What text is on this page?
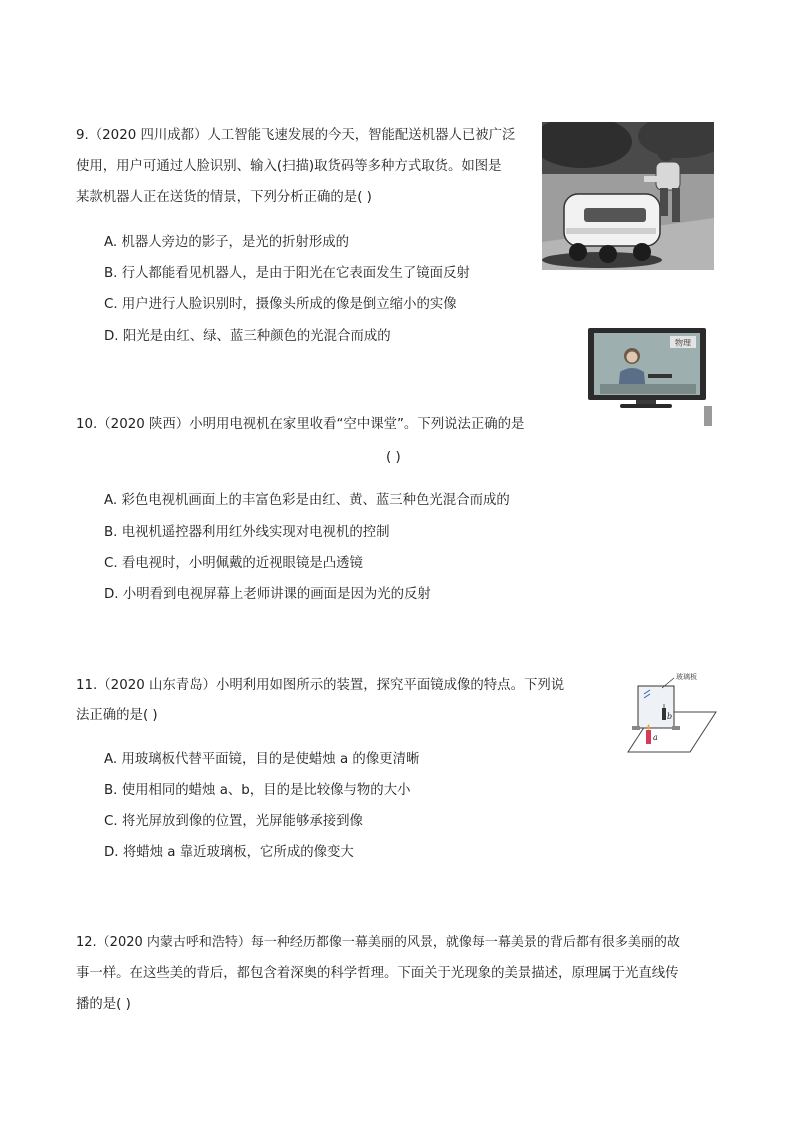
9.（2020 四川成都）人工智能飞速发展的今天，智能配送机器人已被广泛
使用，用户可通过人脸识别、输入(扫描)取货码等多种方式取货。如图是
某款机器人正在送货的情景，下列分析正确的是( )
A. 机器人旁边的影子，是光的折射形成的
B. 行人都能看见机器人，是由于阳光在它表面发生了镜面反射
C. 用户进行人脸识别时，摄像头所成的像是倒立缩小的实像
D. 阳光是由红、绿、蓝三种颜色的光混合而成的	物理
10.（2020 陕西）小明用电视机在家里收看“空中课堂”。下列说法正确的是
( )
A. 彩色电视机画面上的丰富色彩是由红、黄、蓝三种色光混合而成的
B. 电视机遥控器利用红外线实现对电视机的控制
C. 看电视时，小明佩戴的近视眼镜是凸透镜
D. 小明看到电视屏幕上老师讲课的画面是因为光的反射
11.（2020 山东青岛）小明利用如图所示的装置，探究平面镜成像的特点。下列说
法正确的是( )
玻璃板
b
a
A. 用玻璃板代替平面镜，目的是使蜡烛 a 的像更清晰
B. 使用相同的蜡烛 a、b，目的是比较像与物的大小
C. 将光屏放到像的位置，光屏能够承接到像
D. 将蜡烛 a 靠近玻璃板，它所成的像变大
12.（2020 内蒙古呼和浩特）每一种经历都像一幕美丽的风景，就像每一幕美景的背后都有很多美丽的故
事一样。在这些美的背后，都包含着深奥的科学哲理。下面关于光现象的美景描述，原理属于光直线传
播的是( )
